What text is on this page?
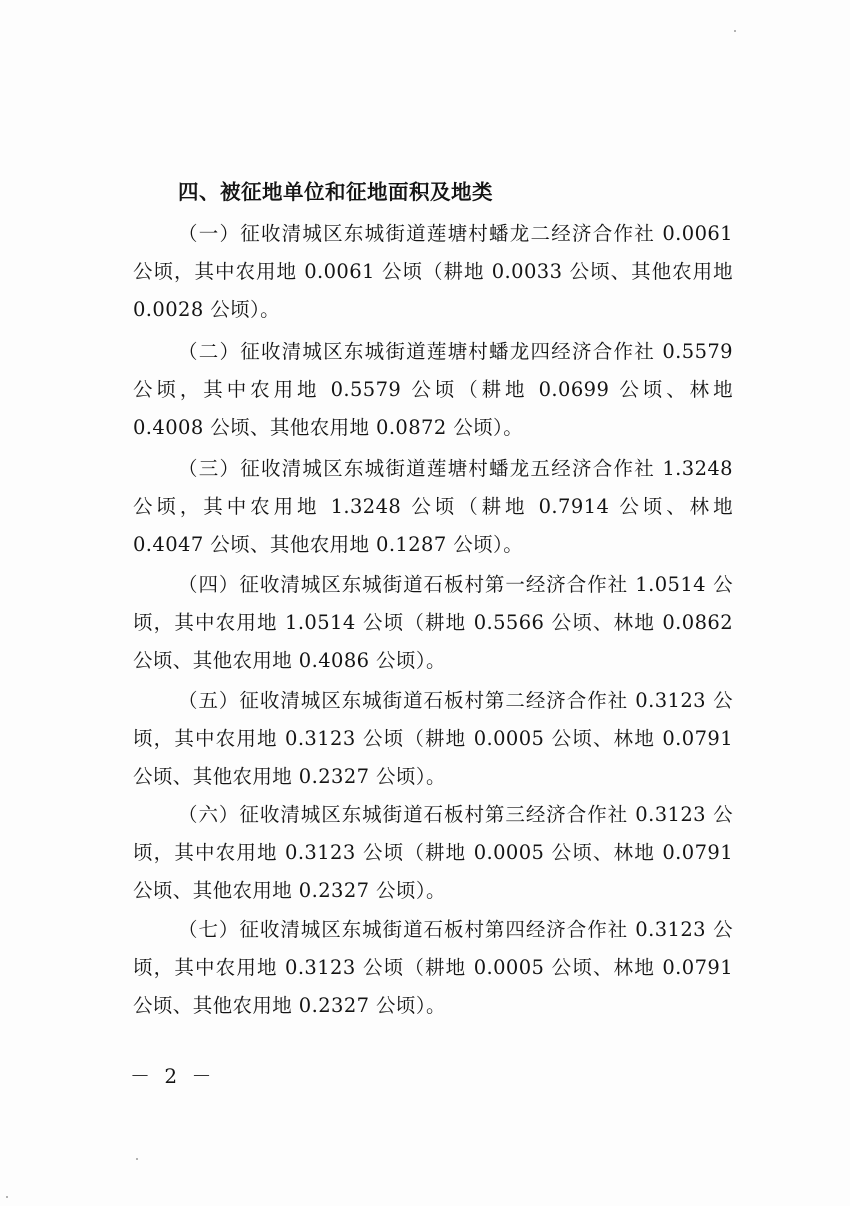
四、被征地单位和征地面积及地类

（一）征收清城区东城街道莲塘村蟠龙二经济合作社 0.0061 公顷，其中农用地 0.0061 公顷（耕地 0.0033 公顷、其他农用地 0.0028 公顷）。

（二）征收清城区东城街道莲塘村蟠龙四经济合作社 0.5579 公顷，其中农用地 0.5579 公顷（耕地 0.0699 公顷、林地 0.4008 公顷、其他农用地 0.0872 公顷）。

（三）征收清城区东城街道莲塘村蟠龙五经济合作社 1.3248 公顷，其中农用地 1.3248 公顷（耕地 0.7914 公顷、林地 0.4047 公顷、其他农用地 0.1287 公顷）。

（四）征收清城区东城街道石板村第一经济合作社 1.0514 公顷，其中农用地 1.0514 公顷（耕地 0.5566 公顷、林地 0.0862 公顷、其他农用地 0.4086 公顷）。

（五）征收清城区东城街道石板村第二经济合作社 0.3123 公顷，其中农用地 0.3123 公顷（耕地 0.0005 公顷、林地 0.0791 公顷、其他农用地 0.2327 公顷）。

（六）征收清城区东城街道石板村第三经济合作社 0.3123 公顷，其中农用地 0.3123 公顷（耕地 0.0005 公顷、林地 0.0791 公顷、其他农用地 0.2327 公顷）。

（七）征收清城区东城街道石板村第四经济合作社 0.3123 公顷，其中农用地 0.3123 公顷（耕地 0.0005 公顷、林地 0.0791 公顷、其他农用地 0.2327 公顷）。

－ 2 －
